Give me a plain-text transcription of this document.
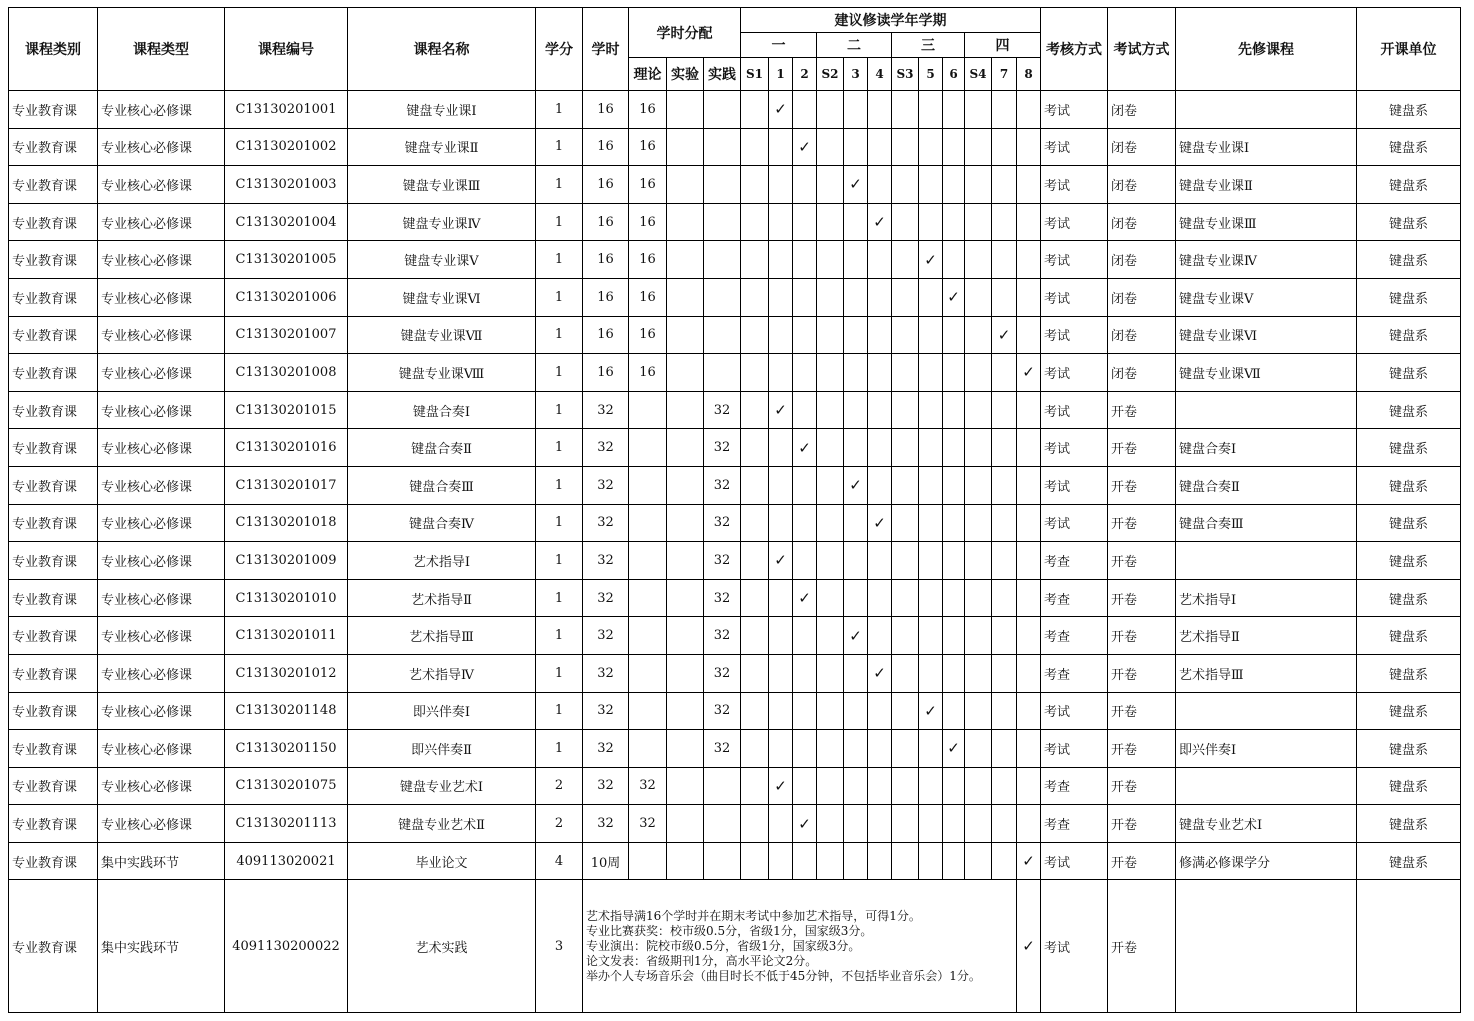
课程类别	课程类型	课程编号	课程名称	学分	学时	学时分配			建议修读学年学期												考核方式	考试方式	先修课程	开课单位
									一			二			三			四						
						理论	实验	实践	S1	1	2	S2	3	4	S3	5	6	S4	7	8				
专业教育课	专业核心必修课	C13130201001	键盘专业课Ⅰ	1	16	16				✓											考试	闭卷		键盘系
专业教育课	专业核心必修课	C13130201002	键盘专业课Ⅱ	1	16	16					✓										考试	闭卷	键盘专业课Ⅰ	键盘系
专业教育课	专业核心必修课	C13130201003	键盘专业课Ⅲ	1	16	16							✓								考试	闭卷	键盘专业课Ⅱ	键盘系
专业教育课	专业核心必修课	C13130201004	键盘专业课Ⅳ	1	16	16								✓							考试	闭卷	键盘专业课Ⅲ	键盘系
专业教育课	专业核心必修课	C13130201005	键盘专业课Ⅴ	1	16	16										✓					考试	闭卷	键盘专业课Ⅳ	键盘系
专业教育课	专业核心必修课	C13130201006	键盘专业课Ⅵ	1	16	16											✓				考试	闭卷	键盘专业课Ⅴ	键盘系
专业教育课	专业核心必修课	C13130201007	键盘专业课Ⅶ	1	16	16													✓		考试	闭卷	键盘专业课Ⅵ	键盘系
专业教育课	专业核心必修课	C13130201008	键盘专业课Ⅷ	1	16	16														✓	考试	闭卷	键盘专业课Ⅶ	键盘系
专业教育课	专业核心必修课	C13130201015	键盘合奏Ⅰ	1	32			32		✓											考试	开卷		键盘系
专业教育课	专业核心必修课	C13130201016	键盘合奏Ⅱ	1	32			32			✓										考试	开卷	键盘合奏Ⅰ	键盘系
专业教育课	专业核心必修课	C13130201017	键盘合奏Ⅲ	1	32			32					✓								考试	开卷	键盘合奏Ⅱ	键盘系
专业教育课	专业核心必修课	C13130201018	键盘合奏Ⅳ	1	32			32						✓							考试	开卷	键盘合奏Ⅲ	键盘系
专业教育课	专业核心必修课	C13130201009	艺术指导Ⅰ	1	32			32		✓											考查	开卷		键盘系
专业教育课	专业核心必修课	C13130201010	艺术指导Ⅱ	1	32			32			✓										考查	开卷	艺术指导Ⅰ	键盘系
专业教育课	专业核心必修课	C13130201011	艺术指导Ⅲ	1	32			32					✓								考查	开卷	艺术指导Ⅱ	键盘系
专业教育课	专业核心必修课	C13130201012	艺术指导Ⅳ	1	32			32						✓							考查	开卷	艺术指导Ⅲ	键盘系
专业教育课	专业核心必修课	C13130201148	即兴伴奏Ⅰ	1	32			32								✓					考试	开卷		键盘系
专业教育课	专业核心必修课	C13130201150	即兴伴奏Ⅱ	1	32			32									✓				考试	开卷	即兴伴奏Ⅰ	键盘系
专业教育课	专业核心必修课	C13130201075	键盘专业艺术Ⅰ	2	32	32				✓											考查	开卷		键盘系
专业教育课	专业核心必修课	C13130201113	键盘专业艺术Ⅱ	2	32	32					✓										考查	开卷	键盘专业艺术Ⅰ	键盘系
专业教育课	集中实践环节	409113020021	毕业论文	4	10周															✓	考试	开卷	修满必修课学分	键盘系
专业教育课	集中实践环节	4091130200022	艺术实践	3	艺术指导满16个学时并在期末考试中参加艺术指导，可得1分。
专业比赛获奖：校市级0.5分，省级1分，国家级3分。
专业演出：院校市级0.5分，省级1分，国家级3分。
论文发表：省级期刊1分，高水平论文2分。
举办个人专场音乐会（曲目时长不低于45分钟，不包括毕业音乐会）1分。															✓	考试	开卷		
